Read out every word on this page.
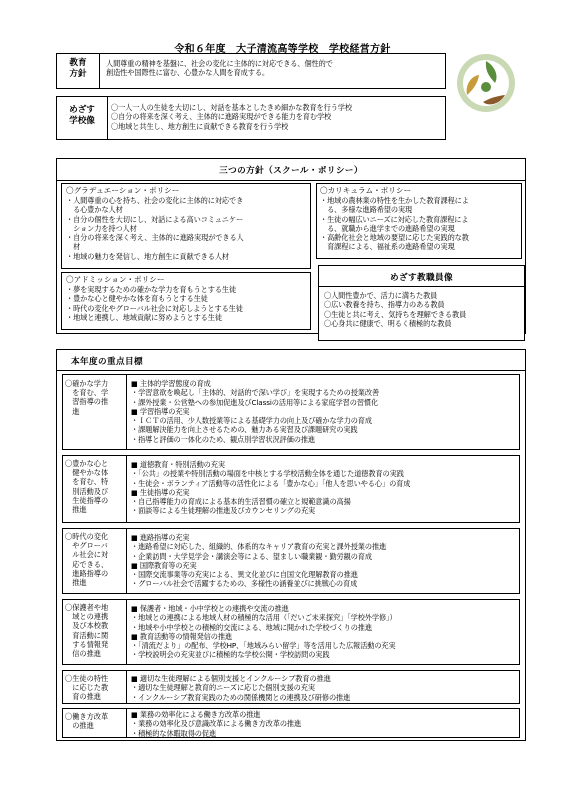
令和６年度　大子清流高等学校　学校経営方針
教育
方針
人間尊重の精神を基盤に、社会の変化に主体的に対応できる、個性的で
創造性や国際性に富む、心豊かな人間を育成する。
めざす
学校像
〇一人一人の生徒を大切にし、対話を基本としたきめ細かな教育を行う学校
〇自分の将来を深く考え、主体的に進路実現ができる能力を育む学校
〇地域と共生し、地方創生に貢献できる教育を行う学校
三つの方針（スクール・ポリシー）
〇グラデュエーション・ポリシー
・人間尊重の心を持ち、社会の変化に主体的に対応でき
　る心豊かな人材
・自分の個性を大切にし、対話による高いコミュニケー
　ション力を持つ人材
・自分の将来を深く考え、主体的に進路実現ができる人
　材
・地域の魅力を発信し、地方創生に貢献できる人材
〇カリキュラム・ポリシー
・地域の農林業の特性を生かした教育課程によ
　る、多様な進路希望の実現
・生徒の幅広いニーズに対応した教育課程によ
　る、就職から進学までの進路希望の実現
・高齢化社会と地域の要望に応じた実践的な教
　育課程による、福祉系の進路希望の実現
〇アドミッション・ポリシー
・夢を実現するための確かな学力を育もうとする生徒
・豊かな心と健やかな体を育もうとする生徒
・時代の変化やグローバル社会に対応しようとする生徒
・地域と連携し、地域貢献に努めようとする生徒
めざす教職員像
〇人間性豊かで、活力に満ちた教員
〇広い教養を持ち、指導力のある教員
〇生徒と共に考え、気持ちを理解できる教員
〇心身共に健康で、明るく積極的な教員
本年度の重点目標
〇確かな学力
　を育む、学
　習指導の推
　進
■ 主体的学習態度の育成
・学習意欲を喚起し「主体的、対話的で深い学び」を実現するための授業改善
・課外授業・公営塾への参加促進及びClassiの活用等による家庭学習の習慣化
■ 学習指導の充実
・ＩＣＴの活用、少人数授業等による基礎学力の向上及び確かな学力の育成
・課題解決能力を向上させるための、魅力ある実習及び課題研究の実践
・指導と評価の一体化のため、観点別学習状況評価の推進
〇豊かな心と
　健やかな体
　を育む、特
　別活動及び
　生徒指導の
　推進
■ 道徳教育・特別活動の充実
・「公共」の授業や特別活動の場面を中核とする学校活動全体を通じた道徳教育の実践
・生徒会・ボランティア活動等の活性化による「豊かな心」「他人を思いやる心」の育成
■ 生徒指導の充実
・自己指導能力の育成による基本的生活習慣の確立と規範意識の高揚
・面談等による生徒理解の推進及びカウンセリングの充実
〇時代の変化
　やグローバ
　ル社会に対
　応できる、
　進路指導の
　推進
■ 進路指導の充実
・進路希望に対応した、組織的、体系的なキャリア教育の充実と課外授業の推進
・企業訪問・大学見学会・講演会等による、望ましい職業観・勤労観の育成
■ 国際教育等の充実
・国際交流事業等の充実による、異文化並びに自国文化理解教育の推進
・グローバル社会で活躍するための、多様性の涵養並びに挑戦心の育成
〇保護者や地
　域との連携
　及び本校教
　育活動に関
　する情報発
　信の推進
■ 保護者・地域・小中学校との連携や交流の推進
・地域との連携による地域人材の積極的な活用（「だいご未来探究」「学校外学修」）
・地域や小中学校との積極的交流による、地域に開かれた学校づくりの推進
■ 教育活動等の情報発信の推進
・「清流だより」の配布、学校HP、「地域みらい留学」等を活用した広報活動の充実
・学校説明会の充実並びに積極的な学校公開・学校訪問の実践
〇生徒の特性
　に応じた教
　育の推進
■ 適切な生徒理解による個別支援とインクルーシブ教育の推進
・適切な生徒理解と教育的ニーズに応じた個別支援の充実
・インクルーシブ教育実践のための関係機関との連携及び研修の推進
〇働き方改革
　の推進
■ 業務の効率化による働き方改革の推進
・業務の効率化及び意識改革による働き方改革の推進
・積極的な休暇取得の促進
